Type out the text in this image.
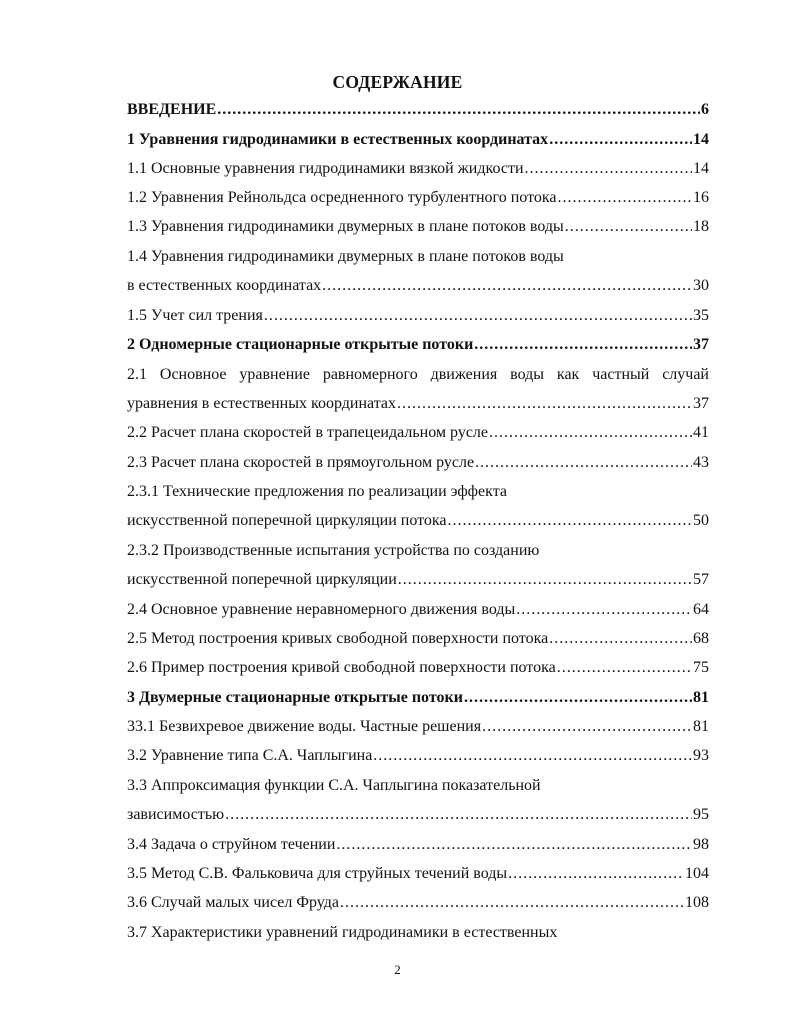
СОДЕРЖАНИЕ
ВВЕДЕНИЕ .....	6
1 Уравнения гидродинамики в естественных координатах .....	14
1.1 Основные уравнения гидродинамики вязкой жидкости .....	14
1.2 Уравнения Рейнольдса осредненного турбулентного потока .....	16
1.3 Уравнения гидродинамики двумерных в плане потоков воды .....	18
1.4 Уравнения гидродинамики двумерных в плане потоков воды
в естественных координатах .....	30
1.5 Учет сил трения .....	35
2 Одномерные стационарные открытые потоки .....	37
2.1 Основное уравнение равномерного движения воды как частный случай
уравнения в естественных координатах .....	37
2.2 Расчет плана скоростей в трапецеидальном русле .....	41
2.3 Расчет плана скоростей в прямоугольном русле .....	43
2.3.1 Технические предложения по реализации эффекта
искусственной поперечной циркуляции потока .....	50
2.3.2 Производственные испытания устройства по созданию
искусственной поперечной циркуляции .....	57
2.4 Основное уравнение неравномерного движения воды .....	64
2.5 Метод построения кривых свободной поверхности потока .....	68
2.6 Пример построения кривой свободной поверхности потока .....	75
3 Двумерные стационарные открытые потоки .....	81
33.1 Безвихревое движение воды. Частные решения .....	81
3.2 Уравнение типа С.А. Чаплыгина .....	93
3.3 Аппроксимация функции С.А. Чаплыгина показательной
зависимостью .....	95
3.4 Задача о струйном течении .....	98
3.5 Метод С.В. Фальковича для струйных течений воды .....	104
3.6 Случай малых чисел Фруда .....	108
3.7 Характеристики уравнений гидродинамики в естественных
2
